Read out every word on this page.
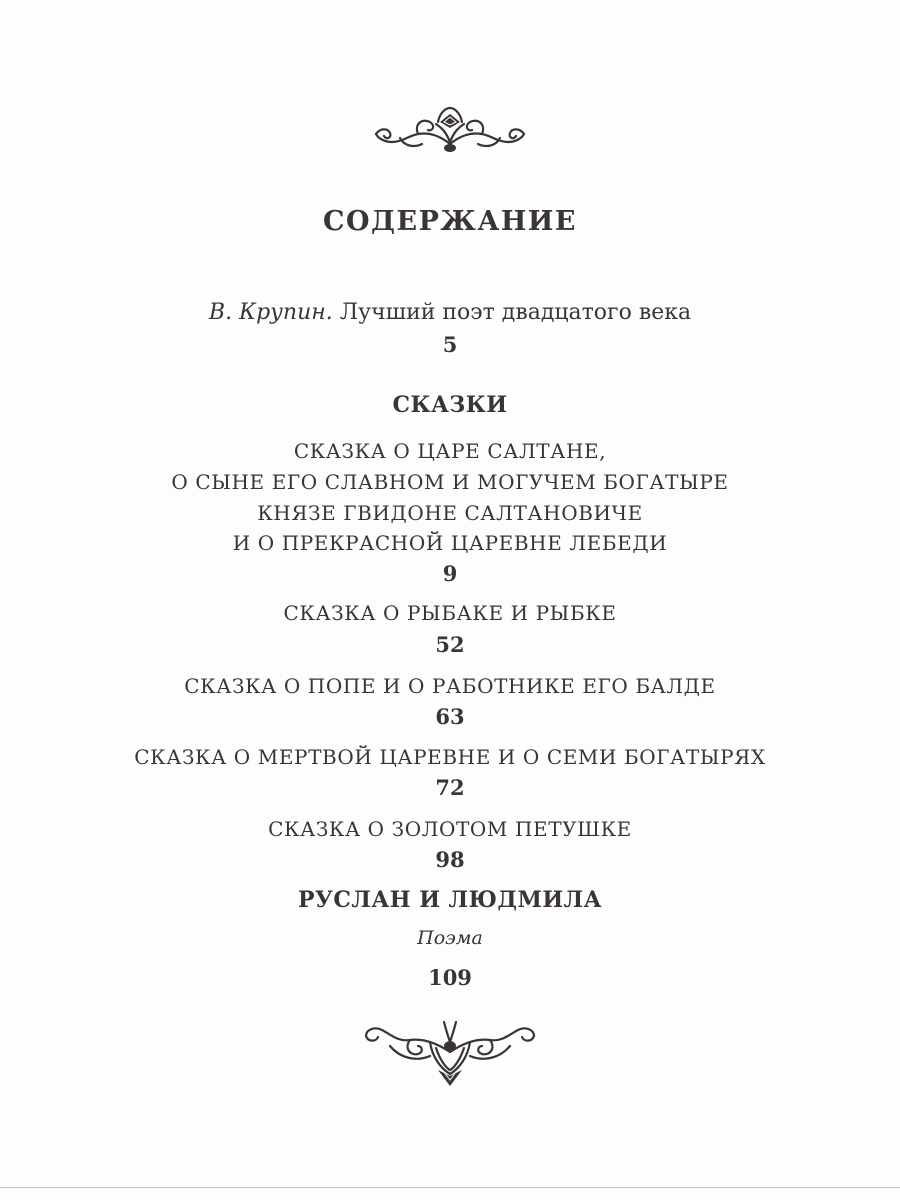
СОДЕРЖАНИЕ
В. Крупин. Лучший поэт двадцатого века
5
СКАЗКИ
СКАЗКА О ЦАРЕ САЛТАНЕ,
О СЫНЕ ЕГО СЛАВНОМ И МОГУЧЕМ БОГАТЫРЕ
КНЯЗЕ ГВИДОНЕ САЛТАНОВИЧЕ
И О ПРЕКРАСНОЙ ЦАРЕВНЕ ЛЕБЕДИ
9
СКАЗКА О РЫБАКЕ И РЫБКЕ
52
СКАЗКА О ПОПЕ И О РАБОТНИКЕ ЕГО БАЛДЕ
63
СКАЗКА О МЕРТВОЙ ЦАРЕВНЕ И О СЕМИ БОГАТЫРЯХ
72
СКАЗКА О ЗОЛОТОМ ПЕТУШКЕ
98
РУСЛАН И ЛЮДМИЛА
Поэма
109
